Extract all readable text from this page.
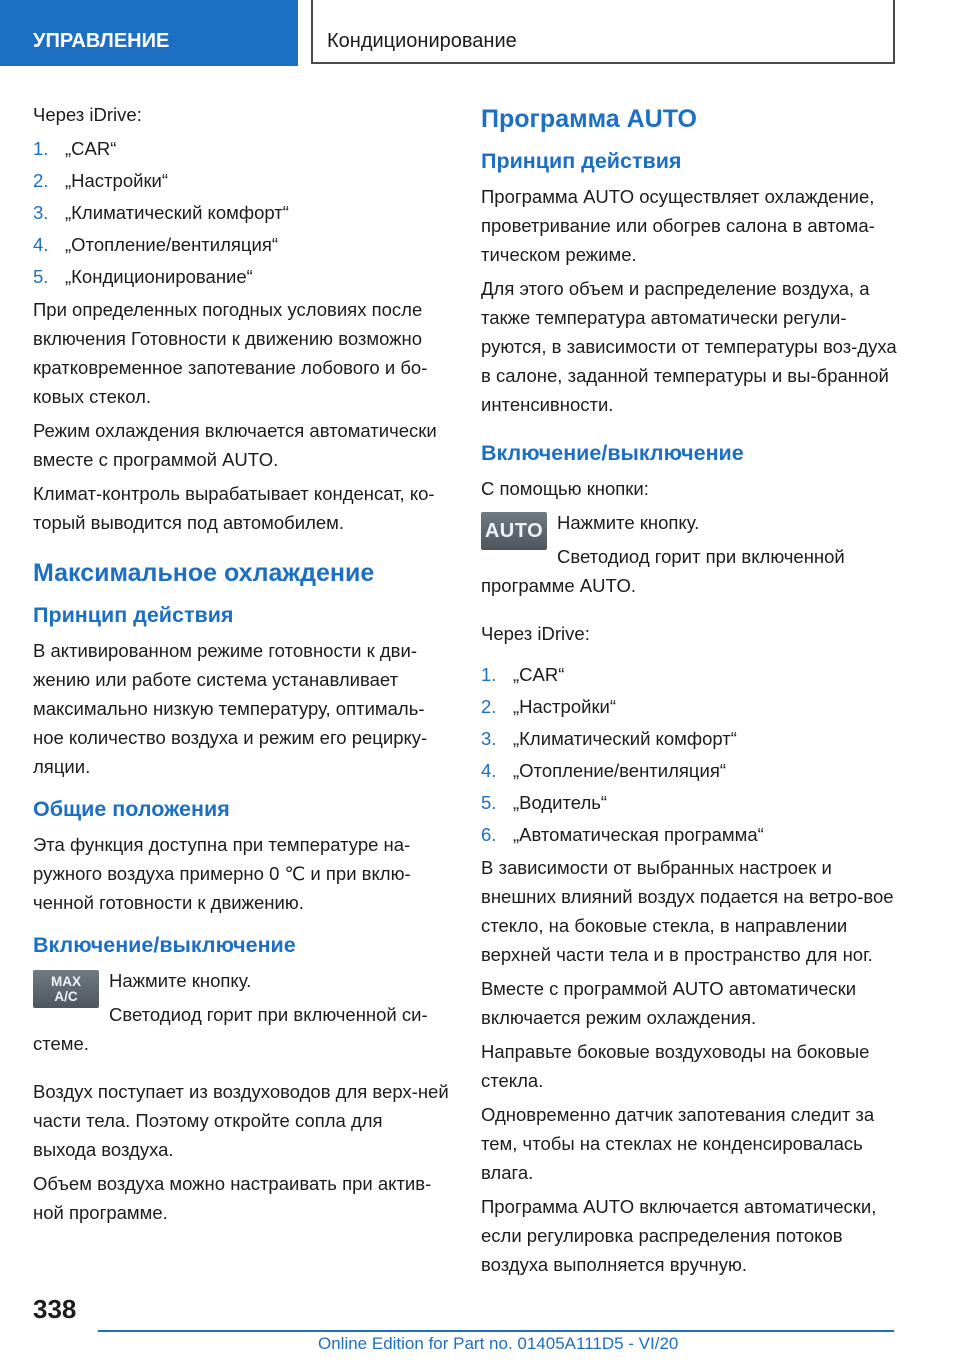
УПРАВЛЕНИЕ	Кондиционирование

Через iDrive:

1. „CAR“
2. „Настройки“
3. „Климатический комфорт“
4. „Отопление/вентиляция“
5. „Кондиционирование“

При определенных погодных условиях после включения Готовности к движению возможно кратковременное запотевание лобового и бо-ковых стекол.

Режим охлаждения включается автоматически вместе с программой AUTO.

Климат-контроль вырабатывает конденсат, ко-торый выводится под автомобилем.

Максимальное охлаждение
Принцип действия

В активированном режиме готовности к дви-жению или работе система устанавливает максимально низкую температуру, оптималь-ное количество воздуха и режим его рецирку-ляции.

Общие положения

Эта функция доступна при температуре на-ружного воздуха примерно 0 ℃ и при вклю-ченной готовности к движению.

Включение/выключение
MAX
A/C

Нажмите кнопку.

Светодиод горит при включенной си-стеме.

Воздух поступает из воздуховодов для верх-ней части тела. Поэтому откройте сопла для выхода воздуха.

Объем воздуха можно настраивать при актив-ной программе.

Программа AUTO
Принцип действия

Программа AUTO осуществляет охлаждение, проветривание или обогрев салона в автома-тическом режиме.

Для этого объем и распределение воздуха, а также температура автоматически регули-руются, в зависимости от температуры воз-духа в салоне, заданной температуры и вы-бранной интенсивности.

Включение/выключение

С помощью кнопки:

AUTO Нажмите кнопку.

Светодиод горит при включенной программе AUTO.

Через iDrive:

1. „CAR“
2. „Настройки“
3. „Климатический комфорт“
4. „Отопление/вентиляция“
5. „Водитель“
6. „Автоматическая программа“

В зависимости от выбранных настроек и внешних влияний воздух подается на ветро-вое стекло, на боковые стекла, в направлении верхней части тела и в пространство для ног.

Вместе с программой AUTO автоматически включается режим охлаждения.

Направьте боковые воздуховоды на боковые стекла.

Одновременно датчик запотевания следит за тем, чтобы на стеклах не конденсировалась влага.

Программа AUTO включается автоматически, если регулировка распределения потоков воздуха выполняется вручную.

338
Online Edition for Part no. 01405A111D5 - VI/20
